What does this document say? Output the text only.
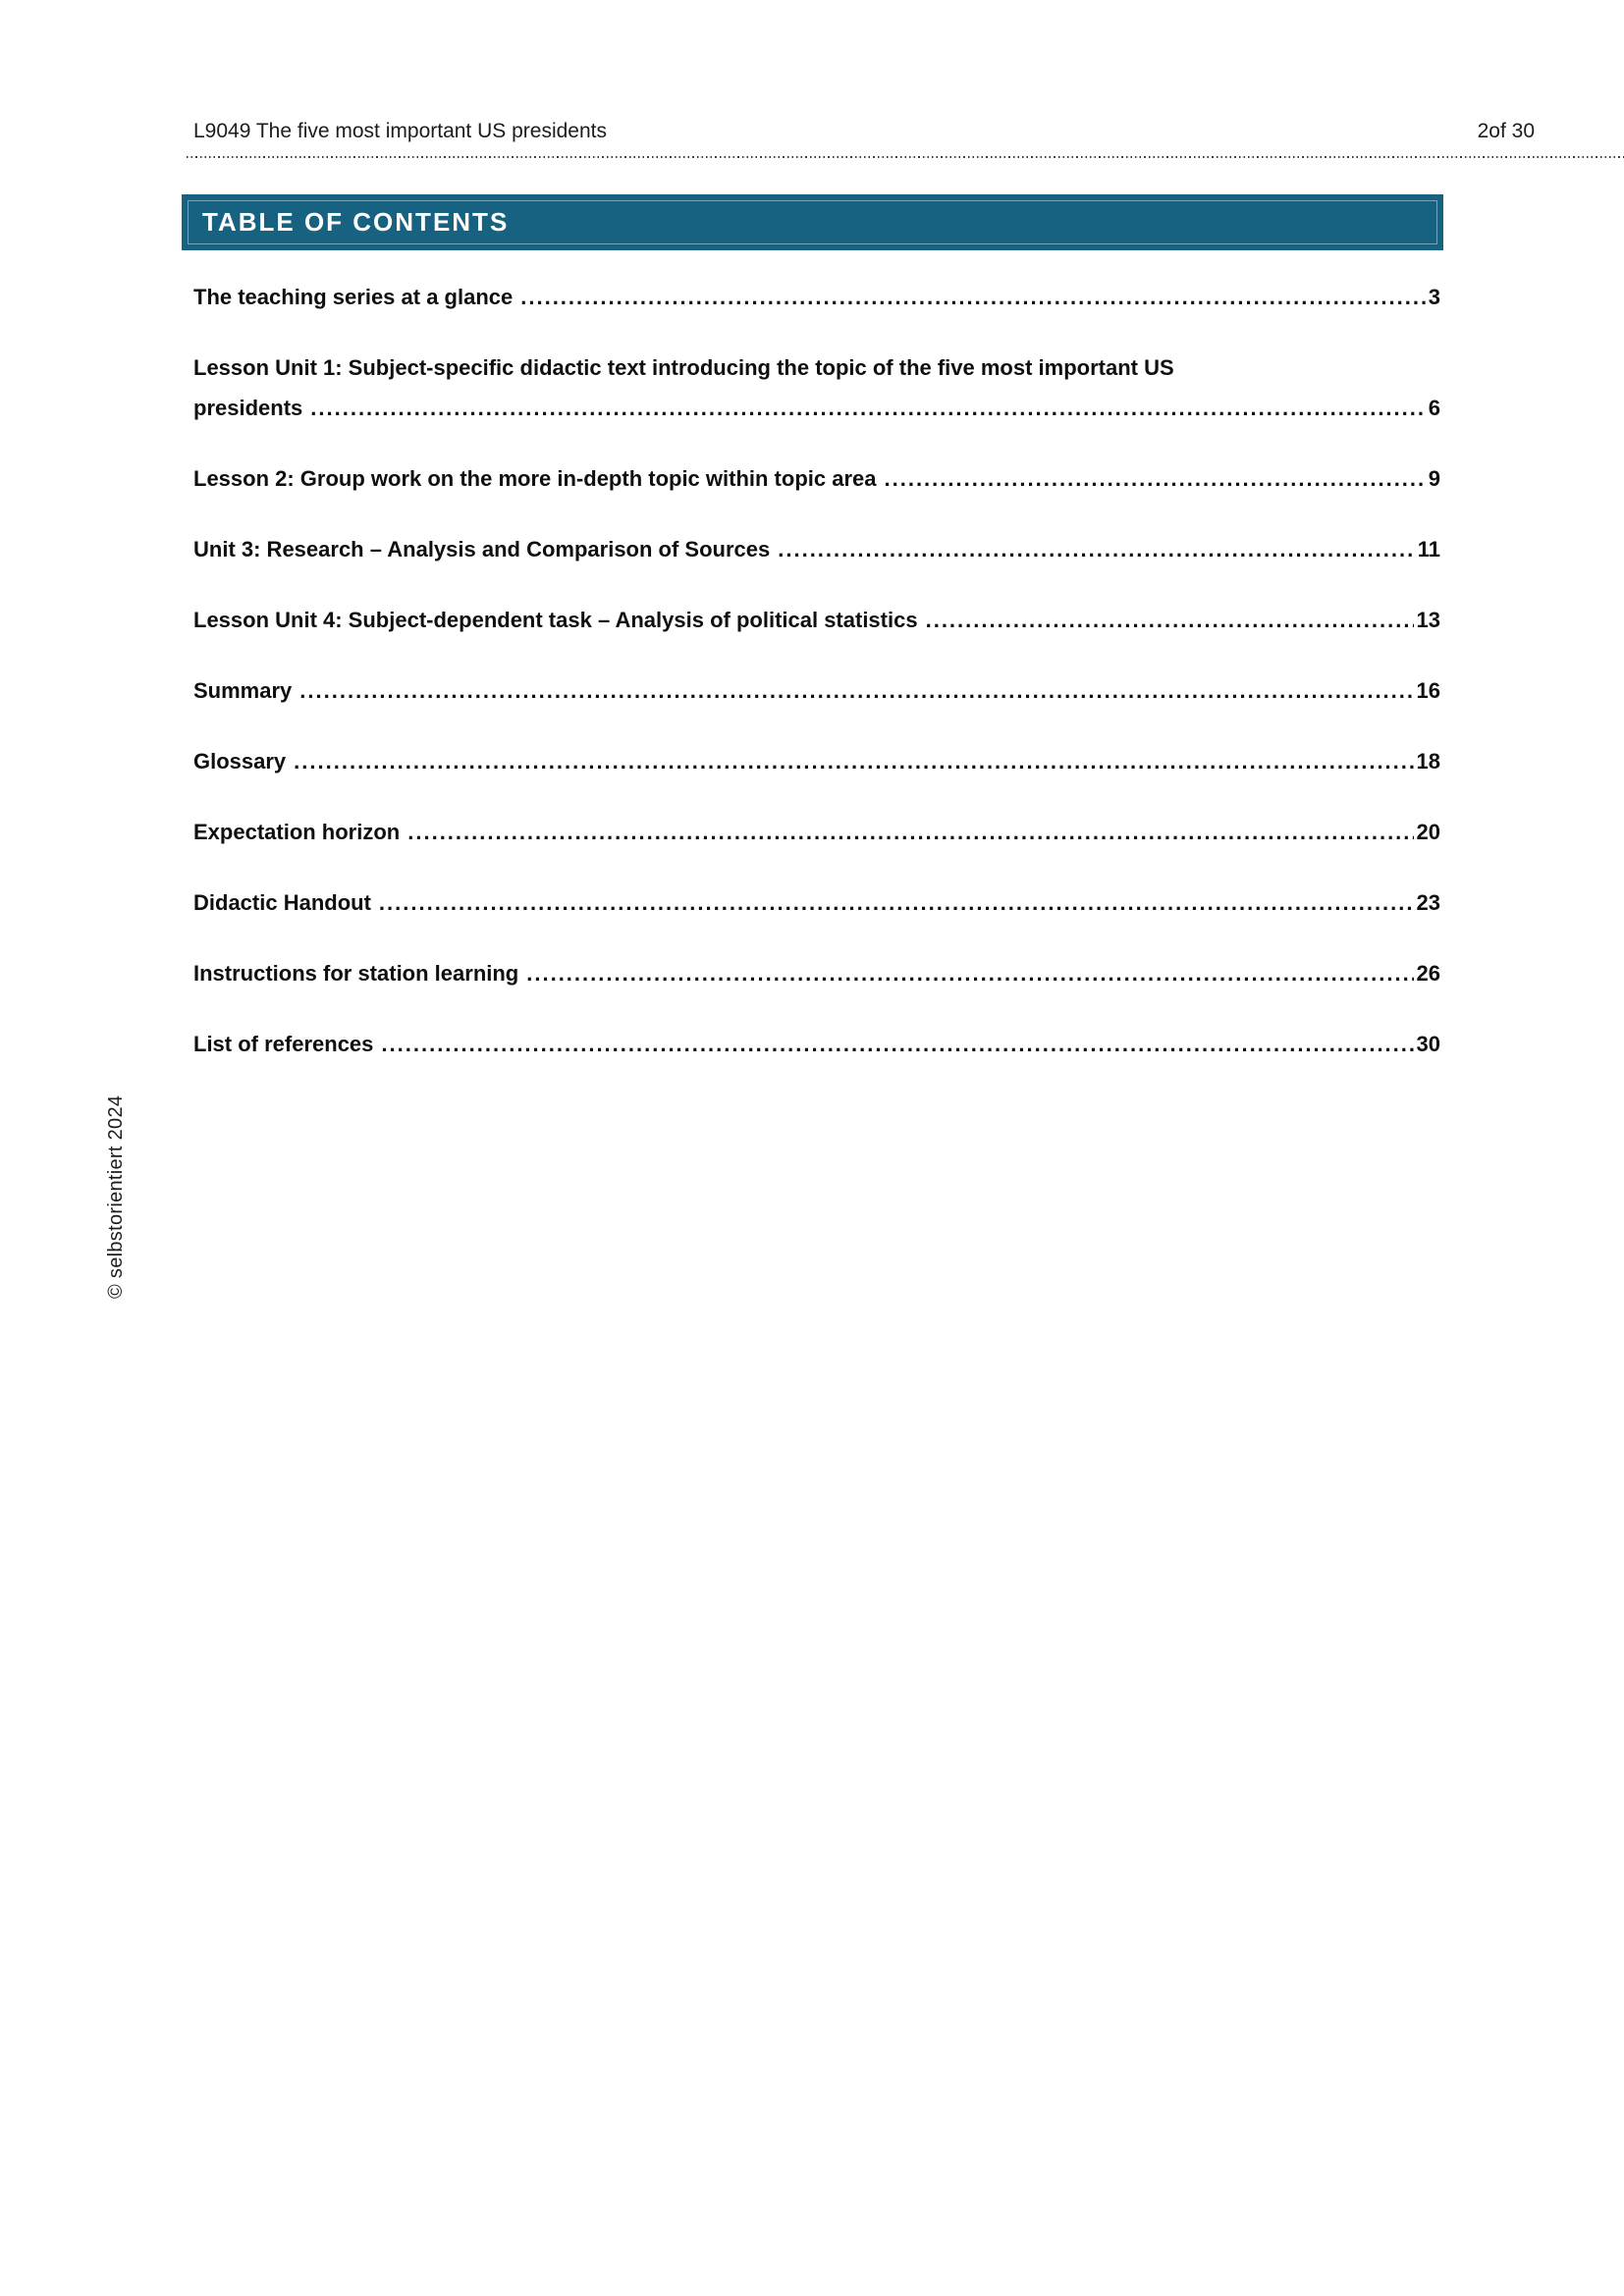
L9049 The five most important US presidents	2of 30
TABLE OF CONTENTS
The teaching series at a glance .....	3
Lesson Unit 1: Subject-specific didactic text introducing the topic of the five most important US
presidents .....	6
Lesson 2: Group work on the more in-depth topic within topic area .....	9
Unit 3: Research – Analysis and Comparison of Sources .....	11
Lesson Unit 4: Subject-dependent task – Analysis of political statistics .....	13
Summary .....	16
Glossary .....	18
Expectation horizon .....	20
Didactic Handout .....	23
Instructions for station learning .....	26
List of references .....	30
© selbstorientiert 2024
